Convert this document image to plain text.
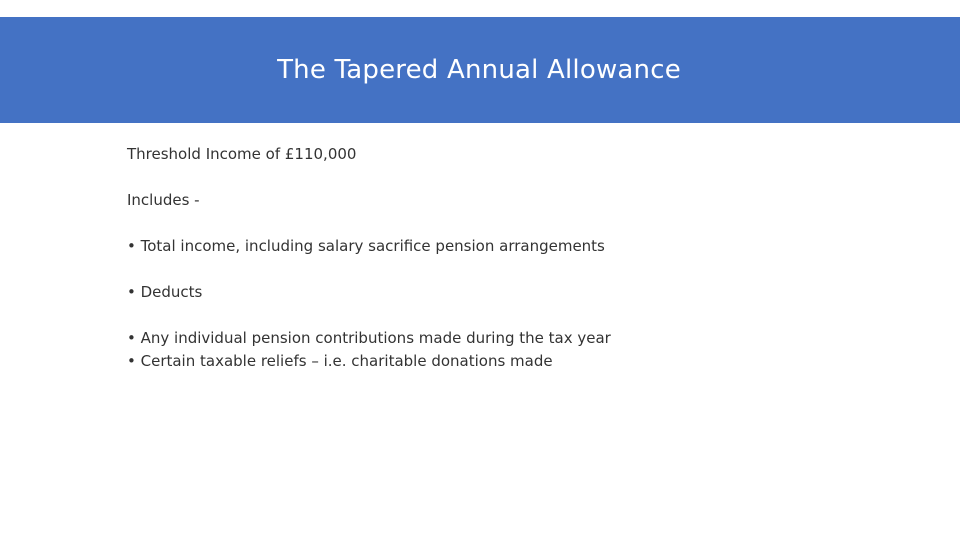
The Tapered Annual Allowance

Threshold Income of £110,000

Includes -

• Total income, including salary sacrifice pension arrangements

• Deducts

• Any individual pension contributions made during the tax year

• Certain taxable reliefs – i.e. charitable donations made
